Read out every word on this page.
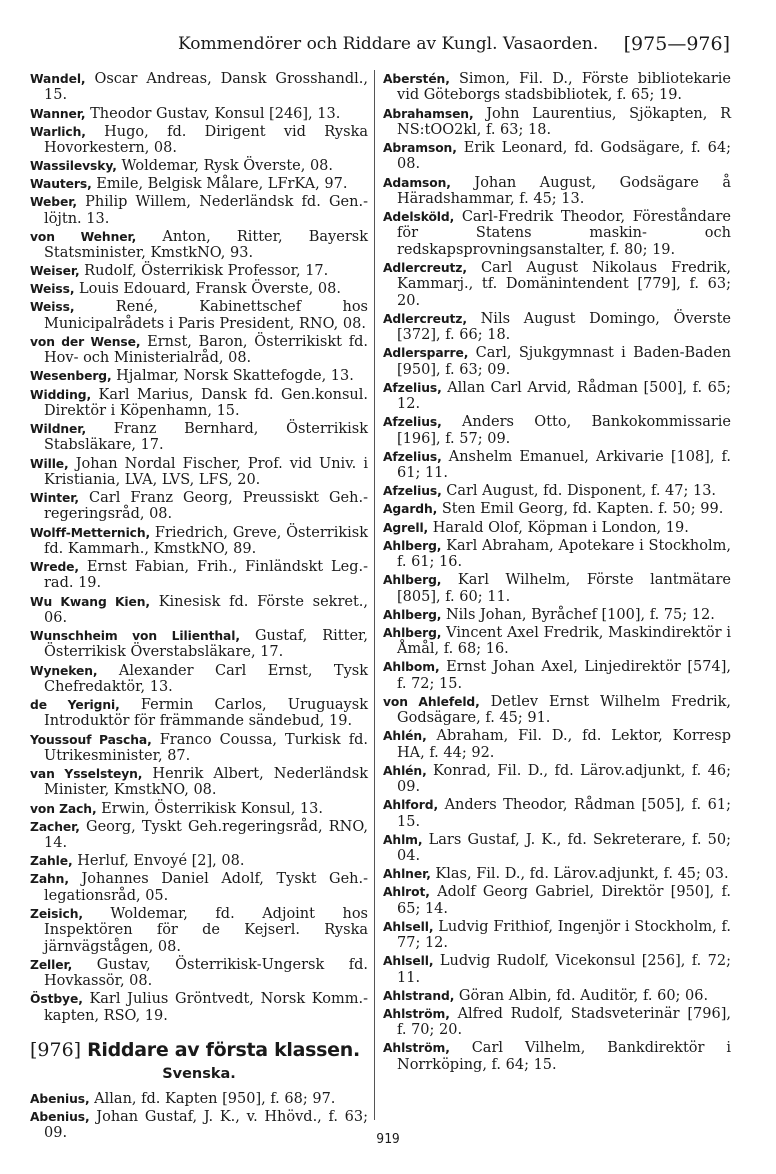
Kommendörer och Riddare av Kungl. Vasaorden. [975—976]
Wandel, Oscar Andreas, Dansk Grosshandl., 15.
Wanner, Theodor Gustav, Konsul [246], 13.
Warlich, Hugo, fd. Dirigent vid Ryska Hovorkestern, 08.
Wassilevsky, Woldemar, Rysk Överste, 08.
Wauters, Emile, Belgisk Målare, LFrKA, 97.
Weber, Philip Willem, Nederländsk fd. Gen.-löjtn. 13.
von Wehner, Anton, Ritter, Bayersk Statsminister, KmstkNO, 93.
Weiser, Rudolf, Österrikisk Professor, 17.
Weiss, Louis Edouard, Fransk Överste, 08.
Weiss, René, Kabinettschef hos Municipalrådets i Paris President, RNO, 08.
von der Wense, Ernst, Baron, Österrikiskt fd. Hov- och Ministerialråd, 08.
Wesenberg, Hjalmar, Norsk Skattefogde, 13.
Widding, Karl Marius, Dansk fd. Gen.konsul. Direktör i Köpenhamn, 15.
Wildner, Franz Bernhard, Österrikisk Stabsläkare, 17.
Wille, Johan Nordal Fischer, Prof. vid Univ. i Kristiania, LVA, LVS, LFS, 20.
Winter, Carl Franz Georg, Preussiskt Geh.-regeringsråd, 08.
Wolff-Metternich, Friedrich, Greve, Österrikisk fd. Kammarh., KmstkNO, 89.
Wrede, Ernst Fabian, Frih., Finländskt Leg.-rad. 19.
Wu Kwang Kien, Kinesisk fd. Förste sekret., 06.
Wunschheim von Lilienthal, Gustaf, Ritter, Österrikisk Överstabsläkare, 17.
Wyneken, Alexander Carl Ernst, Tysk Chefredaktör, 13.
de Yerigni, Fermin Carlos, Uruguaysk Introduktör för främmande sändebud, 19.
Youssouf Pascha, Franco Coussa, Turkisk fd. Utrikesminister, 87.
van Ysselsteyn, Henrik Albert, Nederländsk Minister, KmstkNO, 08.
von Zach, Erwin, Österrikisk Konsul, 13.
Zacher, Georg, Tyskt Geh.regeringsråd, RNO, 14.
Zahle, Herluf, Envoyé [2], 08.
Zahn, Johannes Daniel Adolf, Tyskt Geh.-legationsråd, 05.
Zeisich, Woldemar, fd. Adjoint hos Inspektören för de Kejserl. Ryska järnvägstågen, 08.
Zeller, Gustav, Österrikisk-Ungersk fd. Hovkassör, 08.
Östbye, Karl Julius Gröntvedt, Norsk Komm.-kapten, RSO, 19.
[976] Riddare av första klassen.
Svenska.
Abenius, Allan, fd. Kapten [950], f. 68; 97.
Abenius, Johan Gustaf, J. K., v. Hhövd., f. 63; 09.
Aberstén, Simon, Fil. D., Förste bibliotekarie vid Göteborgs stadsbibliotek, f. 65; 19.
Abrahamsen, John Laurentius, Sjökapten, R NS:tOO2kl, f. 63; 18.
Abramson, Erik Leonard, fd. Godsägare, f. 64; 08.
Adamson, Johan August, Godsägare å Häradshammar, f. 45; 13.
Adelsköld, Carl-Fredrik Theodor, Föreståndare för Statens maskin- och redskapsprovningsanstalter, f. 80; 19.
Adlercreutz, Carl August Nikolaus Fredrik, Kammarj., tf. Domänintendent [779], f. 63; 20.
Adlercreutz, Nils August Domingo, Överste [372], f. 66; 18.
Adlersparre, Carl, Sjukgymnast i Baden-Baden [950], f. 63; 09.
Afzelius, Allan Carl Arvid, Rådman [500], f. 65; 12.
Afzelius, Anders Otto, Bankokommissarie [196], f. 57; 09.
Afzelius, Anshelm Emanuel, Arkivarie [108], f. 61; 11.
Afzelius, Carl August, fd. Disponent, f. 47; 13.
Agardh, Sten Emil Georg, fd. Kapten. f. 50; 99.
Agrell, Harald Olof, Köpman i London, 19.
Ahlberg, Karl Abraham, Apotekare i Stockholm, f. 61; 16.
Ahlberg, Karl Wilhelm, Förste lantmätare [805], f. 60; 11.
Ahlberg, Nils Johan, Byråchef [100], f. 75; 12.
Ahlberg, Vincent Axel Fredrik, Maskindirektör i Åmål, f. 68; 16.
Ahlbom, Ernst Johan Axel, Linjedirektör [574], f. 72; 15.
von Ahlefeld, Detlev Ernst Wilhelm Fredrik, Godsägare, f. 45; 91.
Ahlén, Abraham, Fil. D., fd. Lektor, Korresp HA, f. 44; 92.
Ahlén, Konrad, Fil. D., fd. Lärov.adjunkt, f. 46; 09.
Ahlford, Anders Theodor, Rådman [505], f. 61; 15.
Ahlm, Lars Gustaf, J. K., fd. Sekreterare, f. 50; 04.
Ahlner, Klas, Fil. D., fd. Lärov.adjunkt, f. 45; 03.
Ahlrot, Adolf Georg Gabriel, Direktör [950], f. 65; 14.
Ahlsell, Ludvig Frithiof, Ingenjör i Stockholm, f. 77; 12.
Ahlsell, Ludvig Rudolf, Vicekonsul [256], f. 72; 11.
Ahlstrand, Göran Albin, fd. Auditör, f. 60; 06.
Ahlström, Alfred Rudolf, Stadsveterinär [796], f. 70; 20.
Ahlström, Carl Vilhelm, Bankdirektör i Norrköping, f. 64; 15.
919
